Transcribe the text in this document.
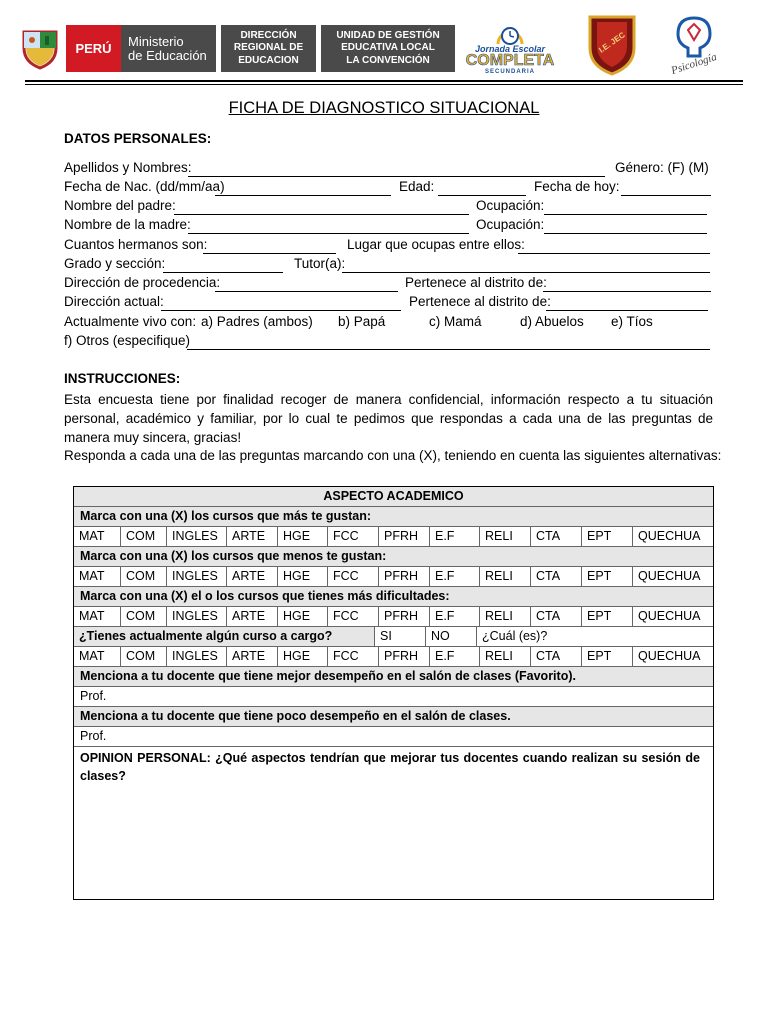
PERÚ	Ministerio
de Educación
DIRECCIÓN
REGIONAL DE
EDUCACION
UNIDAD DE GESTIÓN
EDUCATIVA LOCAL
LA CONVENCIÓN
Jornada Escolar
COMPLETA
SECUNDARIA
I.E. JEC
Psicología
FICHA DE DIAGNOSTICO SITUACIONAL
DATOS PERSONALES:
Apellidos y Nombres:	Género: (F) (M)
Fecha de Nac. (dd/mm/aa)	Edad:	Fecha de hoy:
Nombre del padre:	Ocupación:
Nombre de la madre:	Ocupación:
Cuantos hermanos son:	Lugar que ocupas entre ellos:
Grado y sección:	Tutor(a):
Dirección de procedencia:	Pertenece al distrito de:
Dirección actual:	Pertenece al distrito de:
Actualmente vivo con: a) Padres (ambos) b) Papá	c) Mamá	d) Abuelos e) Tíos
f) Otros (especifique)
INSTRUCCIONES:
Esta encuesta tiene por finalidad recoger de manera confidencial, información respecto a tu situación personal, académico y familiar, por lo cual te pedimos que respondas a cada una de las preguntas de manera muy sincera, gracias!
Responda a cada una de las preguntas marcando con una (X), teniendo en cuenta las siguientes alternativas:
ASPECTO ACADEMICO
Marca con una (X) los cursos que más te gustan:
MAT	COM	INGLES	ARTE	HGE	FCC	PFRH	E.F	RELI	CTA	EPT	QUECHUA
Marca con una (X) los cursos que menos te gustan:
MAT	COM	INGLES	ARTE	HGE	FCC	PFRH	E.F	RELI	CTA	EPT	QUECHUA
Marca con una (X) el o los cursos que tienes más dificultades:
MAT	COM	INGLES	ARTE	HGE	FCC	PFRH	E.F	RELI	CTA	EPT	QUECHUA
¿Tienes actualmente algún curso a cargo?	SI	NO	¿Cuál (es)?
MAT	COM	INGLES	ARTE	HGE	FCC	PFRH	E.F	RELI	CTA	EPT	QUECHUA
Menciona a tu docente que tiene mejor desempeño en el salón de clases (Favorito).
Prof.
Menciona a tu docente que tiene poco desempeño en el salón de clases.
Prof.
OPINION PERSONAL: ¿Qué aspectos tendrían que mejorar tus docentes cuando realizan su sesión de clases?
